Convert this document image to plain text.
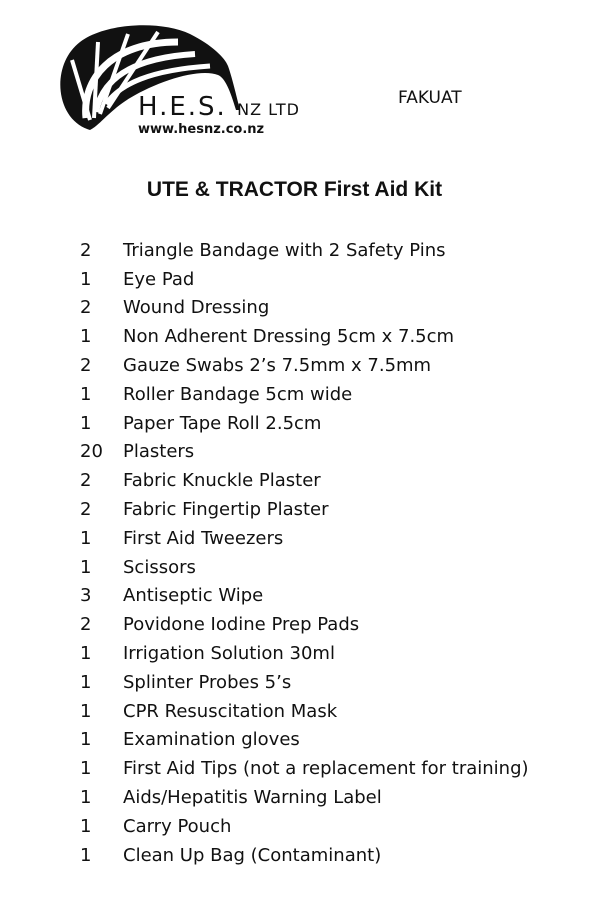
H.E.S. NZ LTD
www.hesnz.co.nz
FAKUAT
UTE & TRACTOR First Aid Kit
2	Triangle Bandage with 2 Safety Pins
1	Eye Pad
2	Wound Dressing
1	Non Adherent Dressing 5cm x 7.5cm
2	Gauze Swabs 2’s 7.5mm x 7.5mm
1	Roller Bandage 5cm wide
1	Paper Tape Roll 2.5cm
20	Plasters
2	Fabric Knuckle Plaster
2	Fabric Fingertip Plaster
1	First Aid Tweezers
1	Scissors
3	Antiseptic Wipe
2	Povidone Iodine Prep Pads
1	Irrigation Solution 30ml
1	Splinter Probes 5’s
1	CPR Resuscitation Mask
1	Examination gloves
1	First Aid Tips (not a replacement for training)
1	Aids/Hepatitis Warning Label
1	Carry Pouch
1	Clean Up Bag (Contaminant)
